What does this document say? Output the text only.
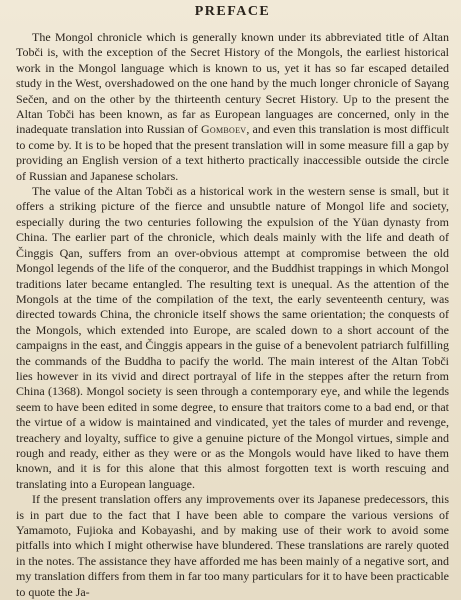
PREFACE

The Mongol chronicle which is generally known under its abbreviated title of Altan Tobči is, with the exception of the Secret History of the Mongols, the earliest historical work in the Mongol language which is known to us, yet it has so far escaped detailed study in the West, overshadowed on the one hand by the much longer chronicle of Saγang Sečen, and on the other by the thirteenth century Secret History. Up to the present the Altan Tobči has been known, as far as European languages are concerned, only in the inadequate translation into Russian of Gombоev, and even this translation is most difficult to come by. It is to be hoped that the present translation will in some measure fill a gap by providing an English version of a text hitherto practically inaccessible outside the circle of Russian and Japanese scholars.

The value of the Altan Tobči as a historical work in the western sense is small, but it offers a striking picture of the fierce and unsubtle nature of Mongol life and society, especially during the two centuries following the expulsion of the Yüan dynasty from China. The earlier part of the chronicle, which deals mainly with the life and death of Činggis Qan, suffers from an over-obvious attempt at compromise between the old Mongol legends of the life of the conqueror, and the Buddhist trappings in which Mongol traditions later became entangled. The resulting text is unequal. As the attention of the Mongols at the time of the compilation of the text, the early seventeenth century, was directed towards China, the chronicle itself shows the same orientation; the conquests of the Mongols, which extended into Europe, are scaled down to a short account of the campaigns in the east, and Činggis appears in the guise of a benevolent patriarch fulfilling the commands of the Buddha to pacify the world. The main interest of the Altan Tobči lies however in its vivid and direct portrayal of life in the steppes after the return from China (1368). Mongol society is seen through a contemporary eye, and while the legends seem to have been edited in some degree, to ensure that traitors come to a bad end, or that the virtue of a widow is maintained and vindicated, yet the tales of murder and revenge, treachery and loyalty, suffice to give a genuine picture of the Mongol virtues, simple and rough and ready, either as they were or as the Mongols would have liked to have them known, and it is for this alone that this almost forgotten text is worth rescuing and translating into a European language.

If the present translation offers any improvements over its Japanese predecessors, this is in part due to the fact that I have been able to compare the various versions of Yamamoto, Fujioka and Kobayashi, and by making use of their work to avoid some pitfalls into which I might otherwise have blundered. These translations are rarely quoted in the notes. The assistance they have afforded me has been mainly of a negative sort, and my translation differs from them in far too many particulars for it to have been practicable to quote the Ja-
